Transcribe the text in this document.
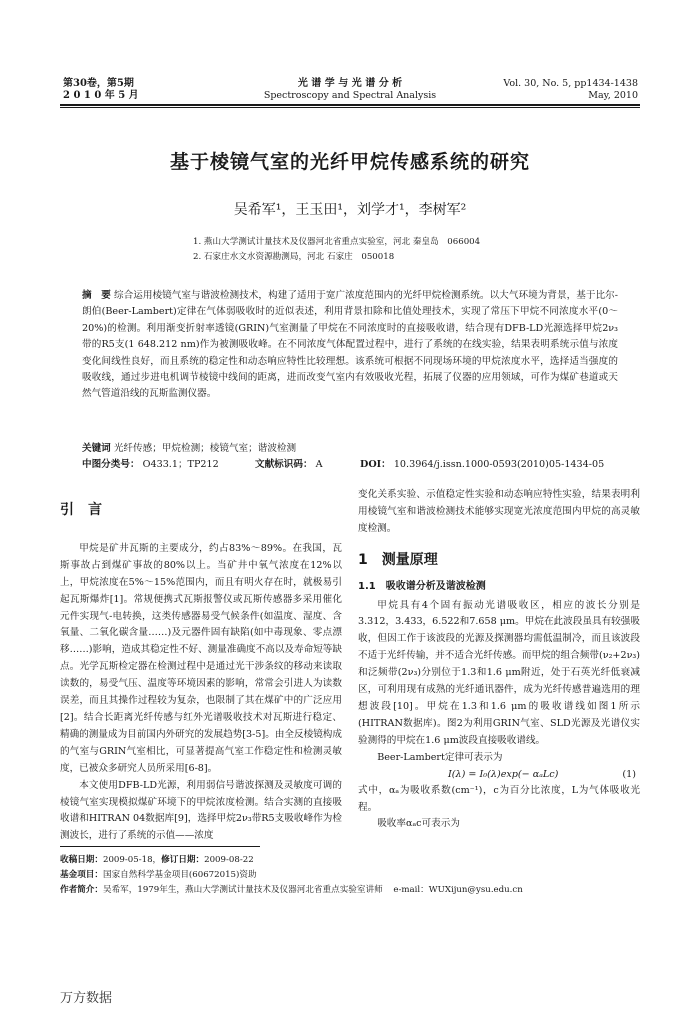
第30卷，第5期
2 0 1 0 年 5 月
光 谱 学 与 光 谱 分 析
Spectroscopy and Spectral Analysis
Vol. 30, No. 5, pp1434-1438
May, 2010
基于棱镜气室的光纤甲烷传感系统的研究
吴希军¹，王玉田¹，刘学才¹，李树军²
1. 燕山大学测试计量技术及仪器河北省重点实验室，河北 秦皇岛　066004
2. 石家庄水文水资源勘测局，河北 石家庄　050018
摘　要 综合运用棱镜气室与谐波检测技术，构建了适用于宽广浓度范围内的光纤甲烷检测系统。以大气环境为背景，基于比尔-朗伯(Beer-Lambert)定律在气体弱吸收时的近似表述，利用背景扣除和比值处理技术，实现了常压下甲烷不同浓度水平(0～20%)的检测。利用渐变折射率透镜(GRIN)气室测量了甲烷在不同浓度时的直接吸收谱，结合现有DFB-LD光源选择甲烷2ν₃带的R5支(1 648.212 nm)作为被测吸收峰。在不同浓度气体配置过程中，进行了系统的在线实验，结果表明系统示值与浓度变化间线性良好，而且系统的稳定性和动态响应特性比较理想。该系统可根据不同现场环境的甲烷浓度水平，选择适当强度的吸收线，通过步进电机调节棱镜中线间的距离，进而改变气室内有效吸收光程，拓展了仪器的应用领域，可作为煤矿巷道或天然气管道沿线的瓦斯监测仪器。
关键词 光纤传感；甲烷检测；棱镜气室；谐波检测
中图分类号： O433.1；TP212	文献标识码： A	DOI： 10.3964/j.issn.1000-0593(2010)05-1434-05
引　言

甲烷是矿井瓦斯的主要成分，约占83%～89%。在我国，瓦斯事故占到煤矿事故的80%以上。当矿井中氧气浓度在12%以上，甲烷浓度在5%～15%范围内，而且有明火存在时，就极易引起瓦斯爆炸[1]。常规便携式瓦斯报警仪或瓦斯传感器多采用催化元件实现气-电转换，这类传感器易受气候条件(如温度、湿度、含氧量、二氧化碳含量……)及元器件固有缺陷(如中毒现象、零点漂移……)影响，造成其稳定性不好、测量准确度不高以及寿命短等缺点。光学瓦斯检定器在检测过程中是通过光干涉条纹的移动来读取读数的，易受气压、温度等环境因素的影响，常常会引进人为读数误差，而且其操作过程较为复杂，也限制了其在煤矿中的广泛应用[2]。结合长距离光纤传感与红外光谱吸收技术对瓦斯进行稳定、精确的测量成为目前国内外研究的发展趋势[3-5]。由全反棱镜构成的气室与GRIN气室相比，可显著提高气室工作稳定性和检测灵敏度，已被众多研究人员所采用[6-8]。

本文使用DFB-LD光源，利用弱信号谐波探测及灵敏度可调的棱镜气室实现模拟煤矿环境下的甲烷浓度检测。结合实测的直接吸收谱和HITRAN 04数据库[9]，选择甲烷2ν₃带R5支吸收峰作为检测波长，进行了系统的示值——浓度

变化关系实验、示值稳定性实验和动态响应特性实验，结果表明利用棱镜气室和谐波检测技术能够实现宽光浓度范围内甲烷的高灵敏度检测。

1　测量原理
1.1　吸收谱分析及谐波检测

甲烷具有4个固有振动光谱吸收区，相应的波长分别是3.312，3.433，6.522和7.658 μm。甲烷在此波段虽具有较强吸收，但因工作于该波段的光源及探测器均需低温制冷，而且该波段不适于光纤传输，并不适合光纤传感。而甲烷的组合频带(ν₂+2ν₃)和泛频带(2ν₃)分别位于1.3和1.6 μm附近，处于石英光纤低衰减区，可利用现有成熟的光纤通讯器件，成为光纤传感普遍选用的理想波段[10]。甲烷在1.3和1.6 μm的吸收谱线如图1所示(HITRAN数据库)。图2为利用GRIN气室、SLD光源及光谱仪实验测得的甲烷在1.6 μm波段直接吸收谱线。

Beer-Lambert定律可表示为

I(λ) = I₀(λ)exp(− αₐLc)	(1)

式中，αₐ为吸收系数(cm⁻¹)，c为百分比浓度，L为气体吸收光程。

吸收率αₐc可表示为

收稿日期：2009-05-18，修订日期：2009-08-22
基金项目：国家自然科学基金项目(60672015)资助
作者简介：吴希军，1979年生，燕山大学测试计量技术及仪器河北省重点实验室讲师 e-mail：WUXijun@ysu.edu.cn
万方数据
